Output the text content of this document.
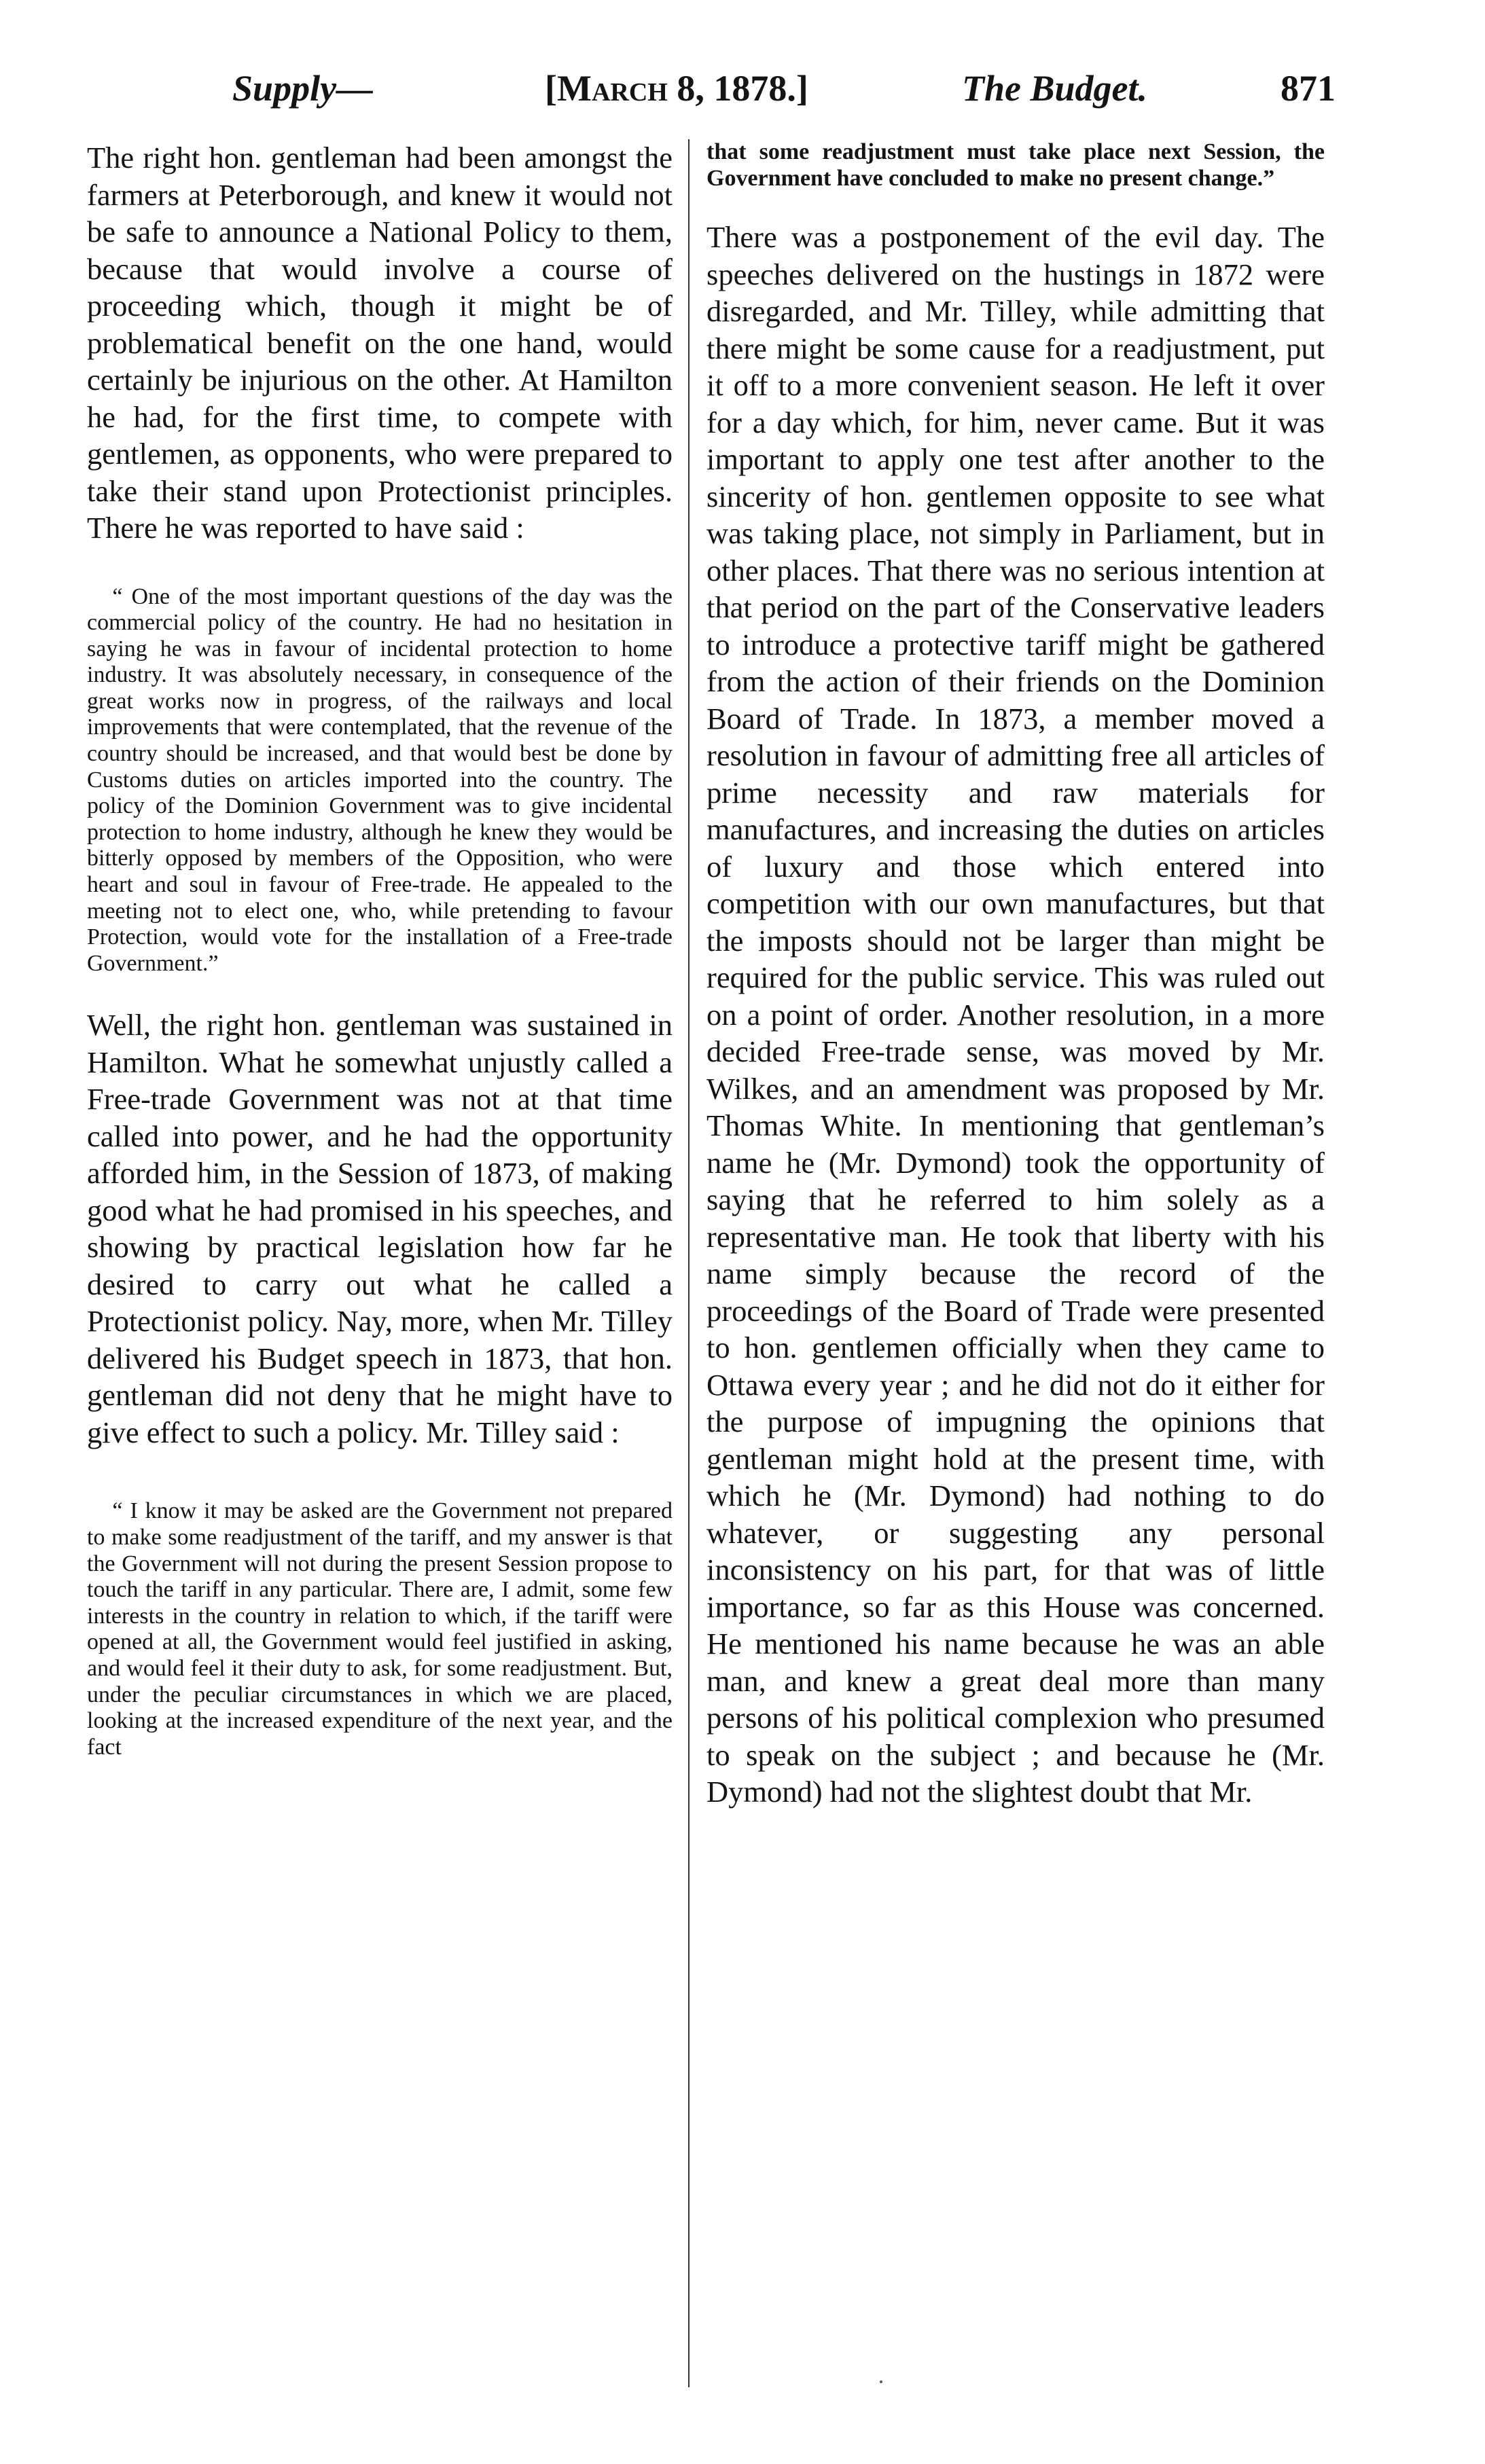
Supply—	[March 8, 1878.]	The Budget.	871

The right hon. gentleman had been amongst the farmers at Peterborough, and knew it would not be safe to announce a National Policy to them, because that would involve a course of proceeding which, though it might be of problematical benefit on the one hand, would certainly be injurious on the other. At Hamilton he had, for the first time, to compete with gentlemen, as opponents, who were prepared to take their stand upon Protectionist principles. There he was reported to have said :

“ One of the most important questions of the day was the commercial policy of the country. He had no hesitation in saying he was in favour of incidental protection to home industry. It was absolutely necessary, in consequence of the great works now in progress, of the railways and local improvements that were contemplated, that the revenue of the country should be increased, and that would best be done by Customs duties on articles imported into the country. The policy of the Dominion Government was to give incidental protection to home industry, although he knew they would be bitterly opposed by members of the Opposition, who were heart and soul in favour of Free-trade. He appealed to the meeting not to elect one, who, while pretending to favour Protection, would vote for the installation of a Free-trade Government.”

Well, the right hon. gentleman was sustained in Hamilton. What he somewhat unjustly called a Free-trade Government was not at that time called into power, and he had the opportunity afforded him, in the Session of 1873, of making good what he had promised in his speeches, and showing by practical legislation how far he desired to carry out what he called a Protectionist policy. Nay, more, when Mr. Tilley delivered his Budget speech in 1873, that hon. gentleman did not deny that he might have to give effect to such a policy. Mr. Tilley said :

“ I know it may be asked are the Government not prepared to make some readjustment of the tariff, and my answer is that the Government will not during the present Session propose to touch the tariff in any particular. There are, I admit, some few interests in the country in relation to which, if the tariff were opened at all, the Government would feel justified in asking, and would feel it their duty to ask, for some readjustment. But, under the peculiar circumstances in which we are placed, looking at the increased expenditure of the next year, and the fact

that some readjustment must take place next Session, the Government have concluded to make no present change.”

There was a postponement of the evil day. The speeches delivered on the hustings in 1872 were disregarded, and Mr. Tilley, while admitting that there might be some cause for a readjustment, put it off to a more convenient season. He left it over for a day which, for him, never came. But it was important to apply one test after another to the sincerity of hon. gentlemen opposite to see what was taking place, not simply in Parliament, but in other places. That there was no serious intention at that period on the part of the Conservative leaders to introduce a protective tariff might be gathered from the action of their friends on the Dominion Board of Trade. In 1873, a member moved a resolution in favour of admitting free all articles of prime necessity and raw materials for manufactures, and increasing the duties on articles of luxury and those which entered into competition with our own manufactures, but that the imposts should not be larger than might be required for the public service. This was ruled out on a point of order. Another resolution, in a more decided Free-trade sense, was moved by Mr. Wilkes, and an amendment was proposed by Mr. Thomas White. In mentioning that gentleman’s name he (Mr. Dymond) took the opportunity of saying that he referred to him solely as a representative man. He took that liberty with his name simply because the record of the proceedings of the Board of Trade were presented to hon. gentlemen officially when they came to Ottawa every year ; and he did not do it either for the purpose of impugning the opinions that gentleman might hold at the present time, with which he (Mr. Dymond) had nothing to do whatever, or suggesting any personal inconsistency on his part, for that was of little importance, so far as this House was concerned. He mentioned his name because he was an able man, and knew a great deal more than many persons of his political complexion who presumed to speak on the subject ; and because he (Mr. Dymond) had not the slightest doubt that Mr.
